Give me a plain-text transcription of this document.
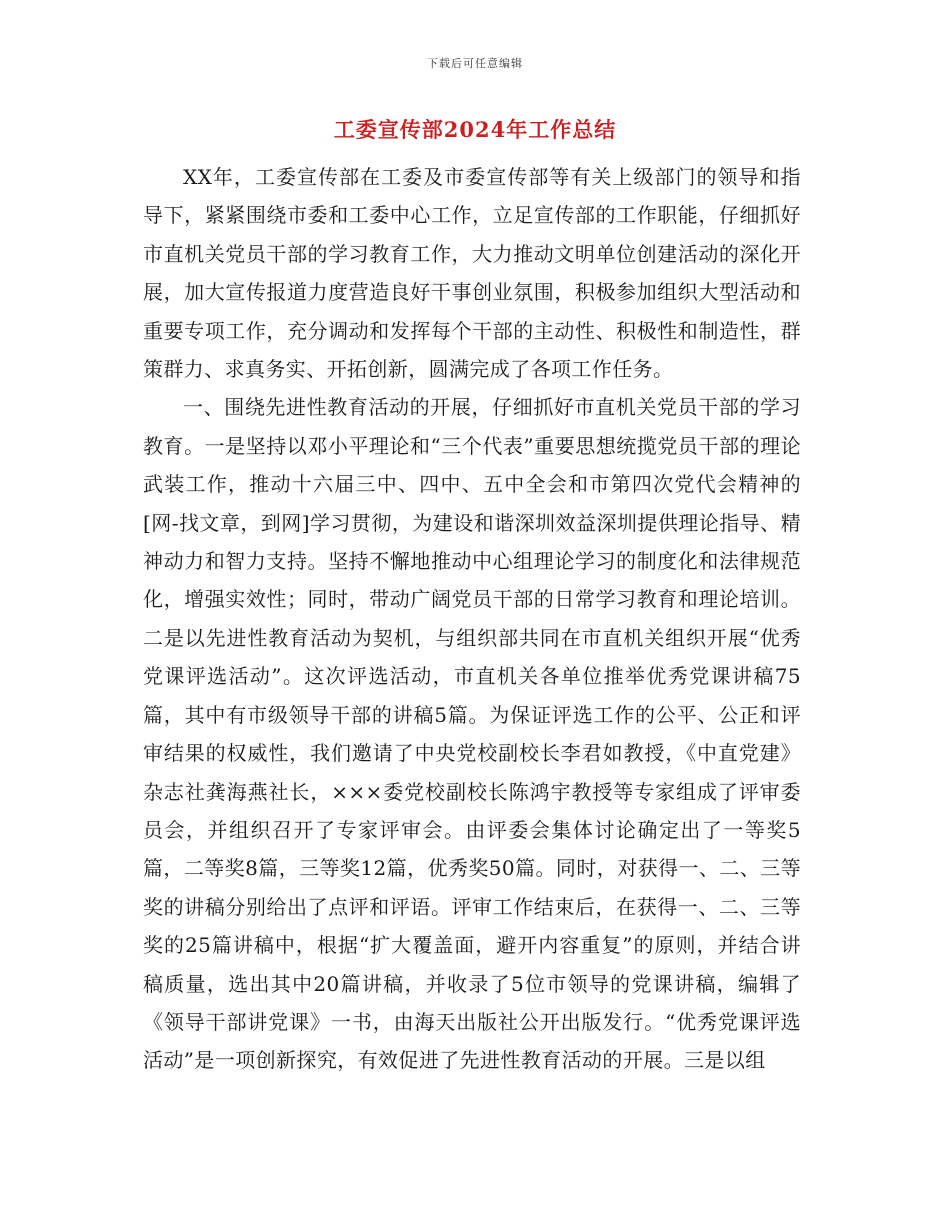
下载后可任意编辑
工委宣传部2024年工作总结

XX年，工委宣传部在工委及市委宣传部等有关上级部门的领导和指导下，紧紧围绕市委和工委中心工作，立足宣传部的工作职能，仔细抓好市直机关党员干部的学习教育工作，大力推动文明单位创建活动的深化开展，加大宣传报道力度营造良好干事创业氛围，积极参加组织大型活动和重要专项工作，充分调动和发挥每个干部的主动性、积极性和制造性，群策群力、求真务实、开拓创新，圆满完成了各项工作任务。

一、围绕先进性教育活动的开展，仔细抓好市直机关党员干部的学习教育。一是坚持以邓小平理论和“三个代表”重要思想统揽党员干部的理论武装工作，推动十六届三中、四中、五中全会和市第四次党代会精神的[网-找文章，到网]学习贯彻，为建设和谐深圳效益深圳提供理论指导、精神动力和智力支持。坚持不懈地推动中心组理论学习的制度化和法律规范化，增强实效性；同时，带动广阔党员干部的日常学习教育和理论培训。二是以先进性教育活动为契机，与组织部共同在市直机关组织开展“优秀党课评选活动”。这次评选活动，市直机关各单位推举优秀党课讲稿75篇，其中有市级领导干部的讲稿5篇。为保证评选工作的公平、公正和评审结果的权威性，我们邀请了中央党校副校长李君如教授，《中直党建》杂志社龚海燕社长，×××委党校副校长陈鸿宇教授等专家组成了评审委员会，并组织召开了专家评审会。由评委会集体讨论确定出了一等奖5篇，二等奖8篇，三等奖12篇，优秀奖50篇。同时，对获得一、二、三等奖的讲稿分别给出了点评和评语。评审工作结束后，在获得一、二、三等奖的25篇讲稿中，根据“扩大覆盖面，避开内容重复”的原则，并结合讲稿质量，选出其中20篇讲稿，并收录了5位市领导的党课讲稿，编辑了《领导干部讲党课》一书，由海天出版社公开出版发行。“优秀党课评选活动”是一项创新探究，有效促进了先进性教育活动的开展。三是以组
